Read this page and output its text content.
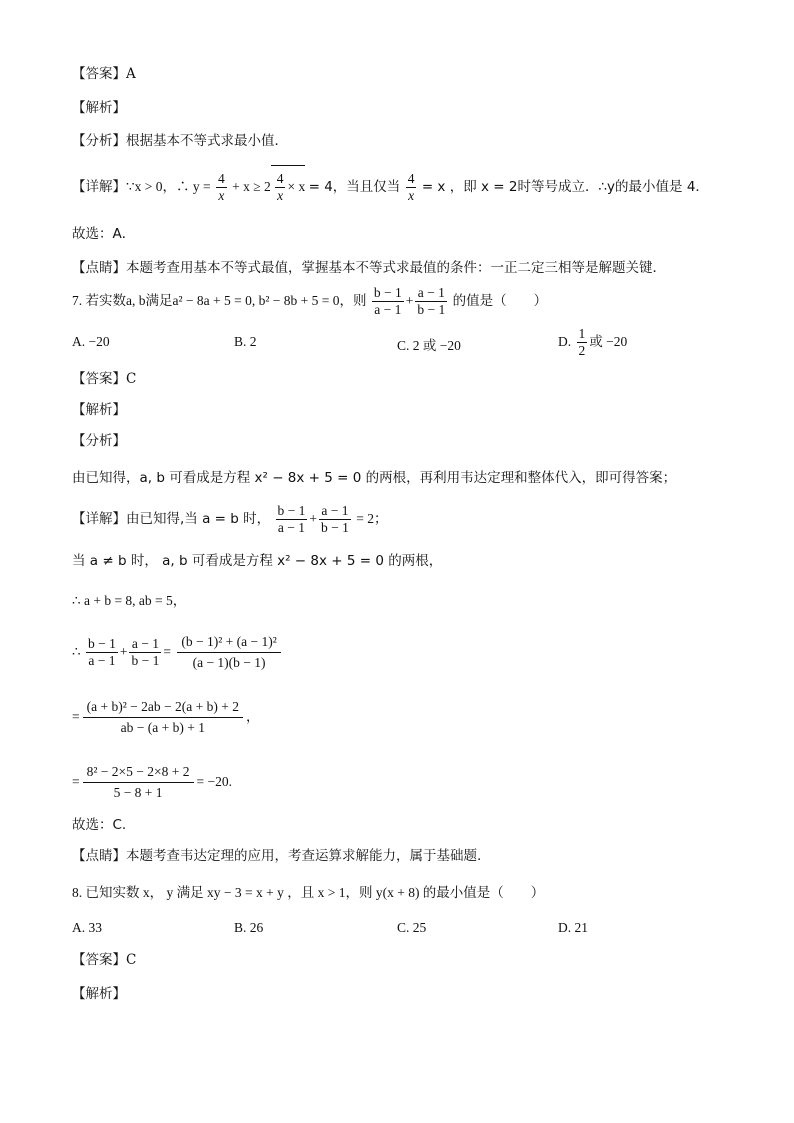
【答案】A
【解析】
【分析】根据基本不等式求最小值．
【详解】∵x > 0，∴ $y = \frac{4}{x} + x \ge 2 \frac{4}{x} \times x = 4$，当且仅当 $\frac{4}{x} = x$ ，即 x = 2时等号成立．∴y的最小值是 4．
故选：A．
【点睛】本题考查用基本不等式最值，掌握基本不等式求最值的条件：一正二定三相等是解题关键．
7. 若实数a, b满足a² − 8a + 5 = 0, b² − 8b + 5 = 0，则 $\frac{b - 1}{a - 1} + \frac{a - 1}{b - 1}$ 的值是（　　）
A. −20	B. 2	C. 2 或 −20	D. $\frac{1}{2}$ 或 −20
【答案】C
【解析】
【分析】
由已知得，a, b 可看成是方程 x² − 8x + 5 = 0 的两根，再利用韦达定理和整体代入，即可得答案；
【详解】由已知得,当 a = b 时， $\frac{b - 1}{a - 1} + \frac{a - 1}{b - 1} = 2$；
当 a ≠ b 时， a, b 可看成是方程 x² − 8x + 5 = 0 的两根，
∴ a + b = 8, ab = 5，
∴ $\frac{b - 1}{a - 1} + \frac{a - 1}{b - 1} = \frac{\text{(b − 1)² + (a − 1)²}}{(a - 1)(b - 1)}$
= $\frac{\text{(a + b)² − 2ab − 2(a + b) + 2}}{ab - (a + b) + 1}$ ，
= $\frac{\text{8² − 2×5 − 2×8 + 2}}{5 - 8 + 1} = -20$.
故选：C.
【点睛】本题考查韦达定理的应用，考查运算求解能力，属于基础题.
8. 已知实数 x， y 满足 xy − 3 = x + y ，且 x > 1，则 y(x + 8) 的最小值是（　　）
A. 33	B. 26	C. 25	D. 21
【答案】C
【解析】
